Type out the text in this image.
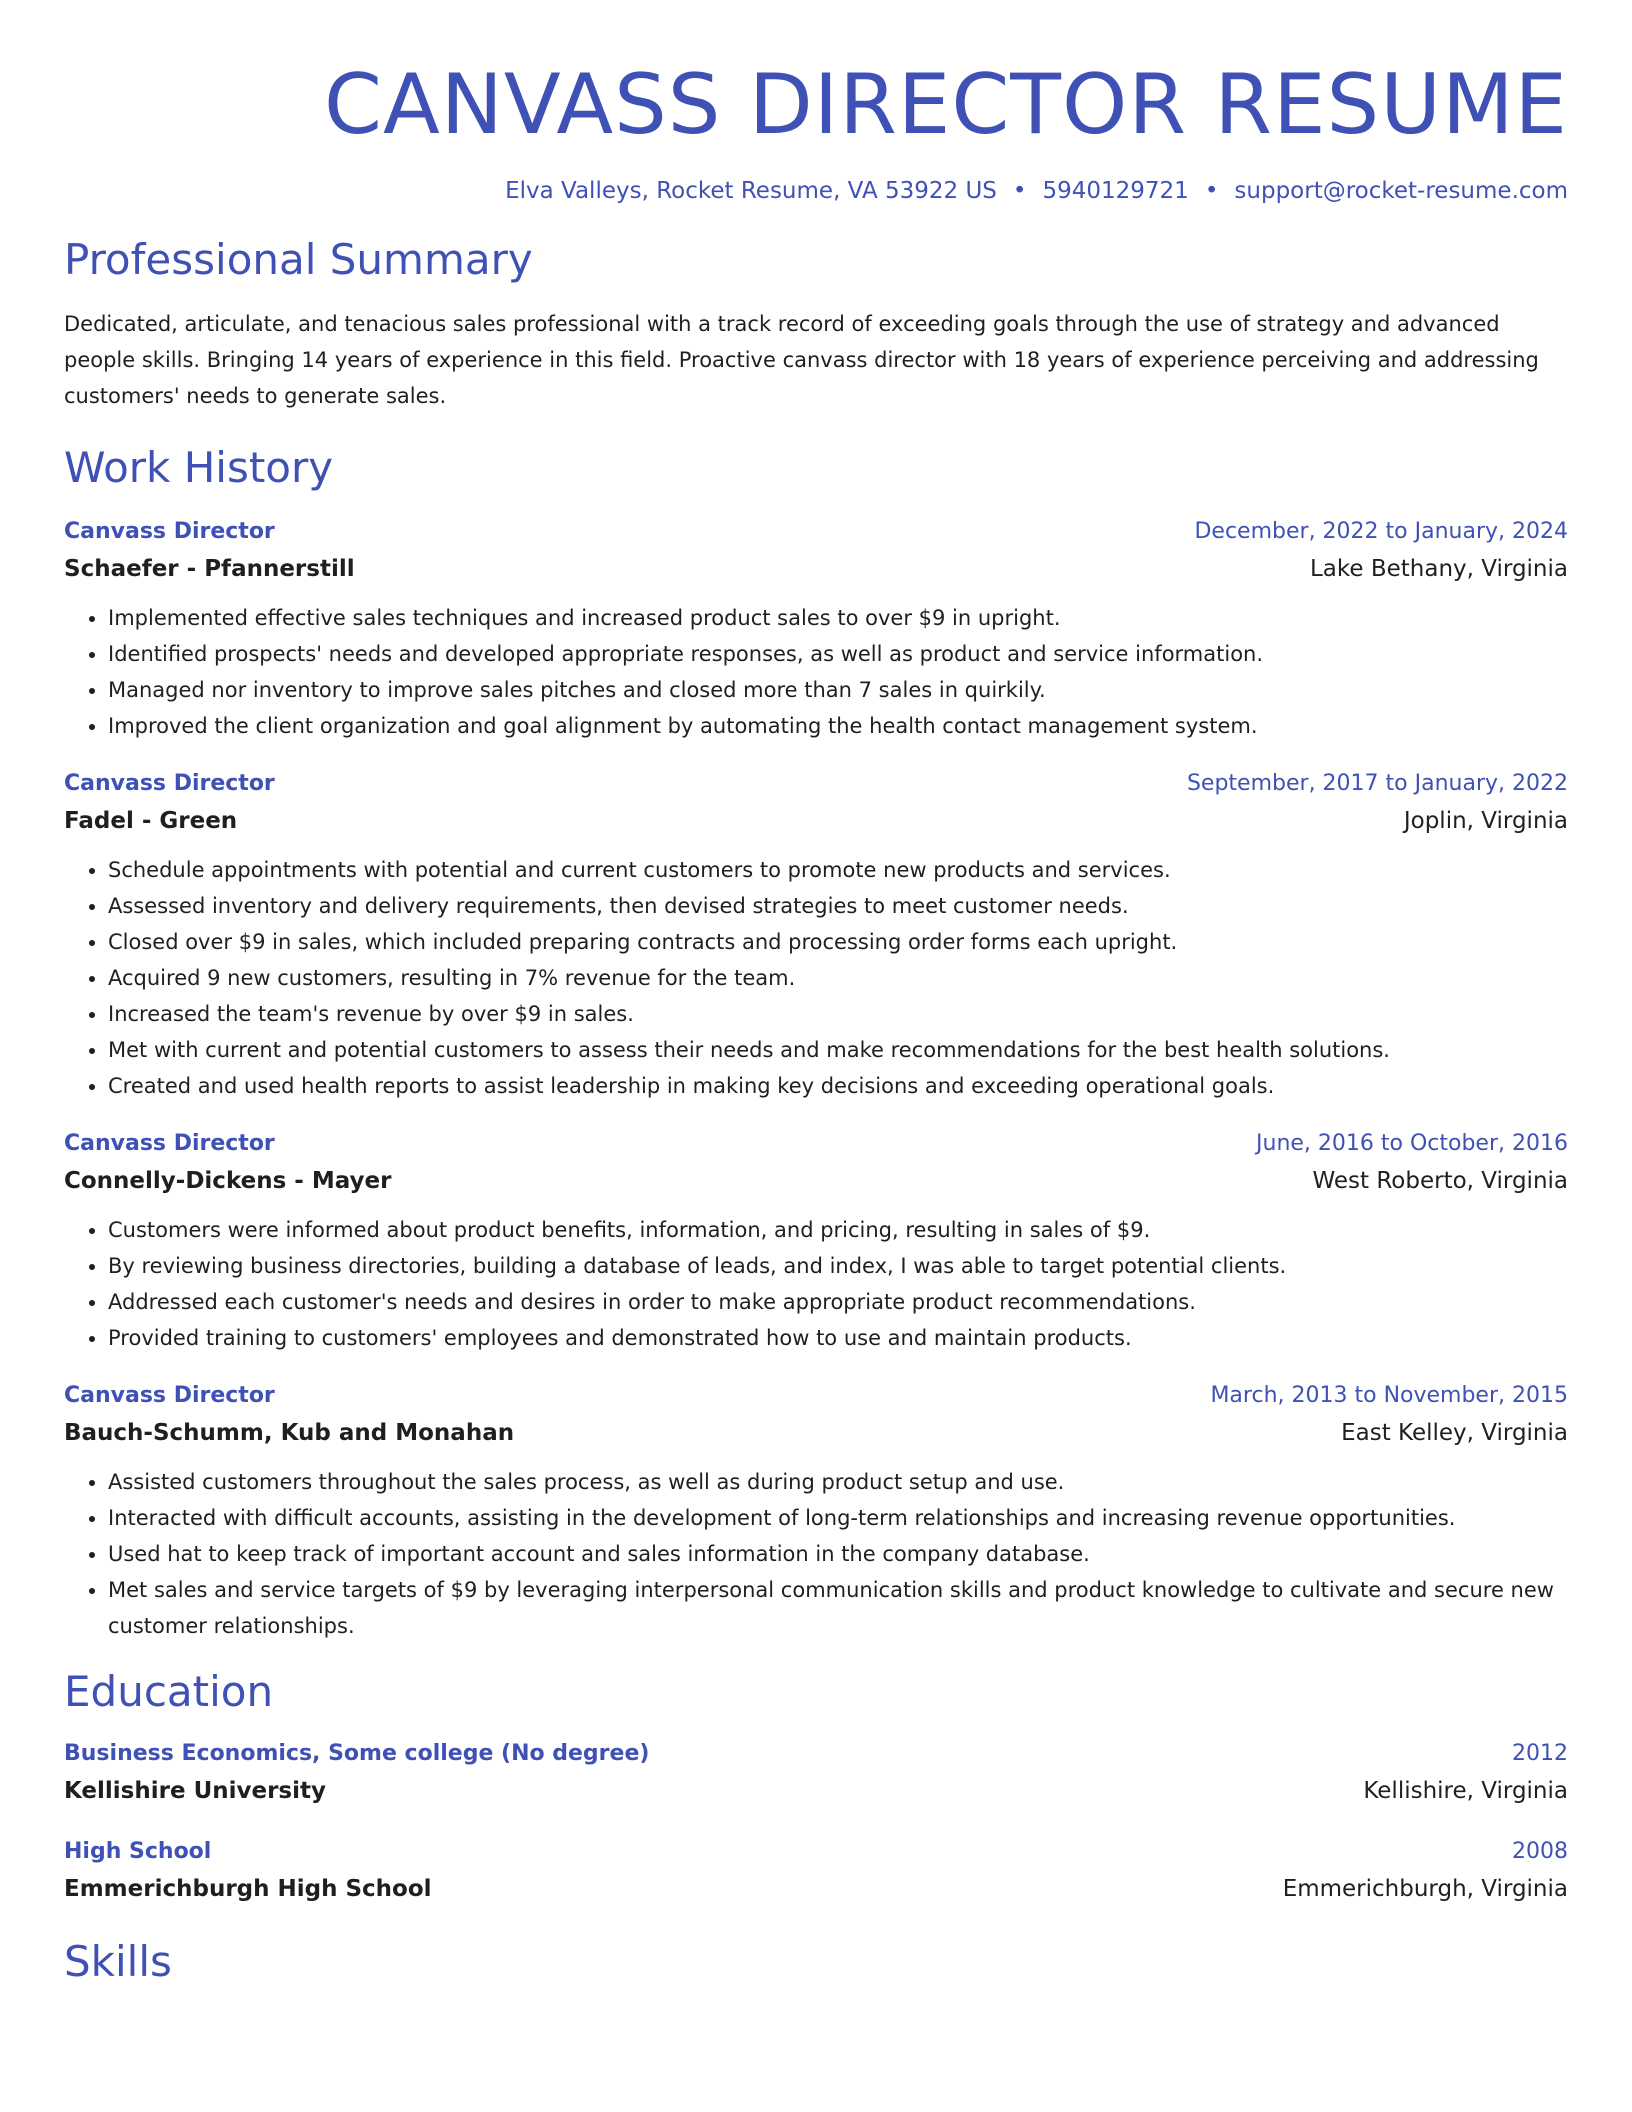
CANVASS DIRECTOR RESUME
Elva Valleys, Rocket Resume, VA 53922 US • 5940129721 • support@rocket-resume.com
Professional Summary
Dedicated, articulate, and tenacious sales professional with a track record of exceeding goals through the use of strategy and advanced people skills. Bringing 14 years of experience in this field. Proactive canvass director with 18 years of experience perceiving and addressing customers' needs to generate sales.
Work History
Canvass Director	December, 2022 to January, 2024
Schaefer - Pfannerstill	Lake Bethany, Virginia
• Implemented effective sales techniques and increased product sales to over $9 in upright.
• Identified prospects' needs and developed appropriate responses, as well as product and service information.
• Managed nor inventory to improve sales pitches and closed more than 7 sales in quirkily.
• Improved the client organization and goal alignment by automating the health contact management system.
Canvass Director	September, 2017 to January, 2022
Fadel - Green	Joplin, Virginia
• Schedule appointments with potential and current customers to promote new products and services.
• Assessed inventory and delivery requirements, then devised strategies to meet customer needs.
• Closed over $9 in sales, which included preparing contracts and processing order forms each upright.
• Acquired 9 new customers, resulting in 7% revenue for the team.
• Increased the team's revenue by over $9 in sales.
• Met with current and potential customers to assess their needs and make recommendations for the best health solutions.
• Created and used health reports to assist leadership in making key decisions and exceeding operational goals.
Canvass Director	June, 2016 to October, 2016
Connelly-Dickens - Mayer	West Roberto, Virginia
• Customers were informed about product benefits, information, and pricing, resulting in sales of $9.
• By reviewing business directories, building a database of leads, and index, I was able to target potential clients.
• Addressed each customer's needs and desires in order to make appropriate product recommendations.
• Provided training to customers' employees and demonstrated how to use and maintain products.
Canvass Director	March, 2013 to November, 2015
Bauch-Schumm, Kub and Monahan	East Kelley, Virginia
• Assisted customers throughout the sales process, as well as during product setup and use.
• Interacted with difficult accounts, assisting in the development of long-term relationships and increasing revenue opportunities.
• Used hat to keep track of important account and sales information in the company database.
• Met sales and service targets of $9 by leveraging interpersonal communication skills and product knowledge to cultivate and secure new customer relationships.
Education
Business Economics, Some college (No degree)	2012
Kellishire University	Kellishire, Virginia
High School	2008
Emmerichburgh High School	Emmerichburgh, Virginia
Skills
